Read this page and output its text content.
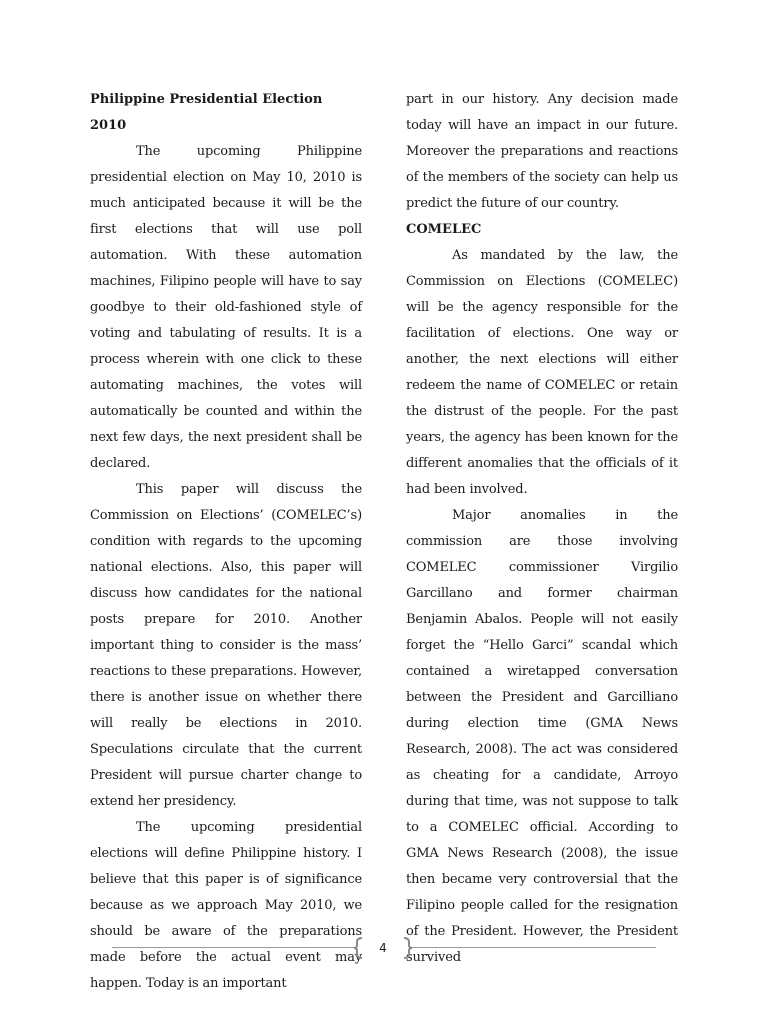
Philippine Presidential Election 2010

The upcoming Philippine presidential election on May 10, 2010 is much anticipated because it will be the first elections that will use poll automation. With these automation machines, Filipino people will have to say goodbye to their old-fashioned style of voting and tabulating of results. It is a process wherein with one click to these automating machines, the votes will automatically be counted and within the next few days, the next president shall be declared.

This paper will discuss the Commission on Elections’ (COMELEC’s) condition with regards to the upcoming national elections. Also, this paper will discuss how candidates for the national posts prepare for 2010. Another important thing to consider is the mass’ reactions to these preparations. However, there is another issue on whether there will really be elections in 2010. Speculations circulate that the current President will pursue charter change to extend her presidency.

The upcoming presidential elections will define Philippine history. I believe that this paper is of significance because as we approach May 2010, we should be aware of the preparations made before the actual event may happen. Today is an important

part in our history. Any decision made today will have an impact in our future. Moreover the preparations and reactions of the members of the society can help us predict the future of our country.

COMELEC

As mandated by the law, the Commission on Elections (COMELEC) will be the agency responsible for the facilitation of elections. One way or another, the next elections will either redeem the name of COMELEC or retain the distrust of the people. For the past years, the agency has been known for the different anomalies that the officials of it had been involved.

Major anomalies in the commission are those involving COMELEC commissioner Virgilio Garcillano and former chairman Benjamin Abalos. People will not easily forget the “Hello Garci” scandal which contained a wiretapped conversation between the President and Garcilliano during election time (GMA News Research, 2008). The act was considered as cheating for a candidate, Arroyo during that time, was not suppose to talk to a COMELEC official. According to GMA News Research (2008), the issue then became very controversial that the Filipino people called for the resignation of the President. However, the President survived

4
